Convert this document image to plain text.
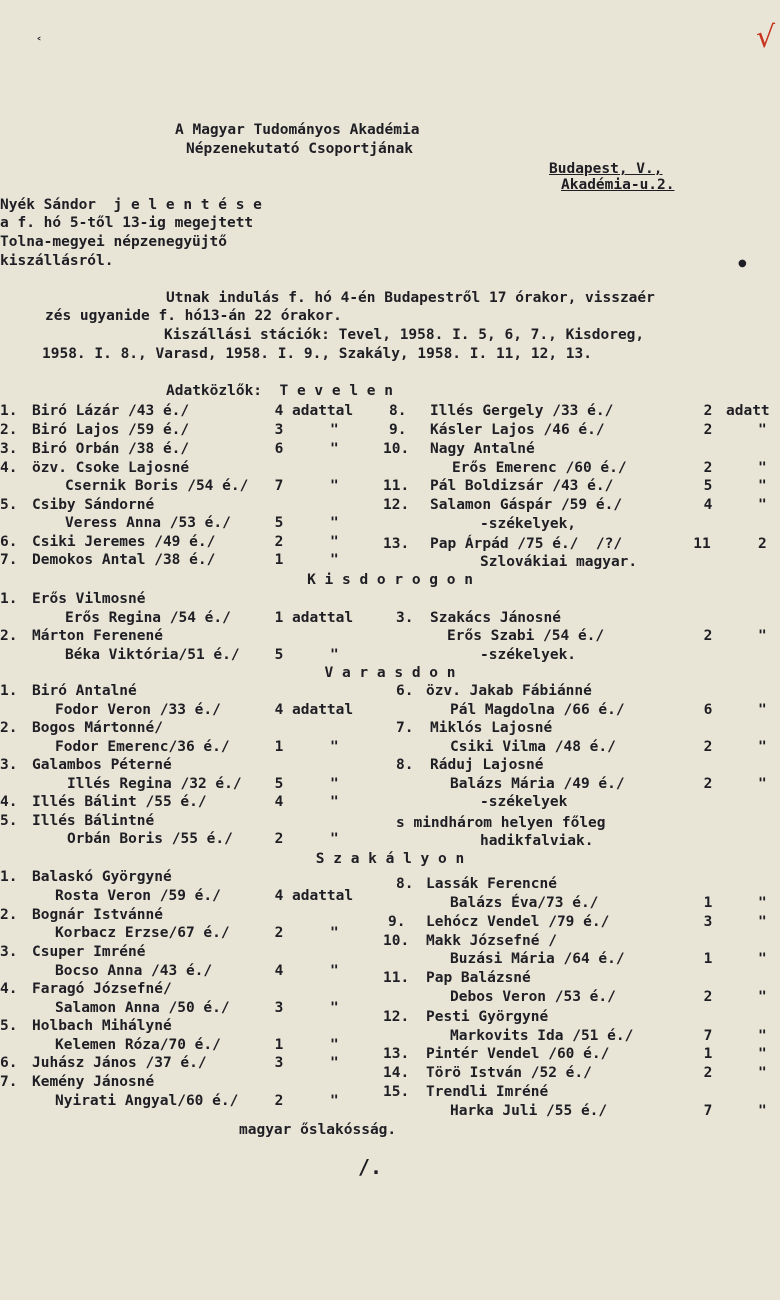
√
˂
●
A Magyar Tudományos Akadémia
Népzenekutató Csoportjának
Budapest, V.,
Akadémia-u.2.
Nyék Sándor  j e l e n t é s e
a f. hó 5-től 13-ig megejtett
Tolna-megyei népzenegyüjtő
kiszállásról.
Utnak indulás f. hó 4-én Budapestről 17 órakor, visszaér
zés ugyanide f. hó13-án 22 órakor.
Kiszállási stációk: Tevel, 1958. I. 5, 6, 7., Kisdoreg,
1958. I. 8., Varasd, 1958. I. 9., Szakály, 1958. I. 11, 12, 13.
Adatközlők:  T e v e l e n
1. Biró Lázár /43 é./	4 adattal
2. Biró Lajos /59 é./	3	"
3. Biró Orbán /38 é./	6	"
4. özv. Csoke Lajosné
Csernik Boris /54 é./	7	"
5. Csiby Sándorné
Veress Anna /53 é./	5	"
6. Csiki Jeremes /49 é./	2	"
7. Demokos Antal /38 é./	1	"
8. Illés Gergely /33 é./	2 adatt
9. Kásler Lajos /46 é./	2	"
10. Nagy Antalné
Erős Emerenc /60 é./	2	"
11. Pál Boldizsár /43 é./	5	"
12. Salamon Gáspár /59 é./	4	"
-székelyek,
13. Pap Árpád /75 é./  /?/	11	2
Szlovákiai magyar.
K i s d o r o g o n
1. Erős Vilmosné
Erős Regina /54 é./	1 adattal
2. Márton Ferenené
Béka Viktória/51 é./	5	"
3. Szakács Jánosné
Erős Szabi /54 é./	2	"
-székelyek.
V a r a s d o n
1. Biró Antalné
Fodor Veron /33 é./	4 adattal
2. Bogos Mártonné/
Fodor Emerenc/36 é./	1	"
3. Galambos Péterné
Illés Regina /32 é./	5	"
4. Illés Bálint /55 é./	4	"
5. Illés Bálintné
Orbán Boris /55 é./	2	"
6. özv. Jakab Fábiánné
Pál Magdolna /66 é./	6	"
7. Miklós Lajosné
Csiki Vilma /48 é./	2	"
8. Ráduj Lajosné
Balázs Mária /49 é./	2	"
-székelyek
s mindhárom helyen főleg
hadikfalviak.
S z a k á l y o n
1. Balaskó Györgyné
Rosta Veron /59 é./	4 adattal
2. Bognár Istvánné
Korbacz Erzse/67 é./	2	"
3. Csuper Imréné
Bocso Anna /43 é./	4	"
4. Faragó Józsefné/
Salamon Anna /50 é./	3	"
5. Holbach Mihályné
Kelemen Róza/70 é./	1	"
6. Juhász János /37 é./	3	"
7. Kemény Jánosné
Nyirati Angyal/60 é./	2	"
8. Lassák Ferencné
Balázs Éva/73 é./	1	"
9. Lehócz Vendel /79 é./	3	"
10. Makk Józsefné /
Buzási Mária /64 é./	1	"
11. Pap Balázsné
Debos Veron /53 é./	2	"
12. Pesti Györgyné
Markovits Ida /51 é./	7	"
13. Pintér Vendel /60 é./	1	"
14. Törö István /52 é./	2	"
15. Trendli Imréné
Harka Juli /55 é./	7	"
magyar őslakósság.
/.
